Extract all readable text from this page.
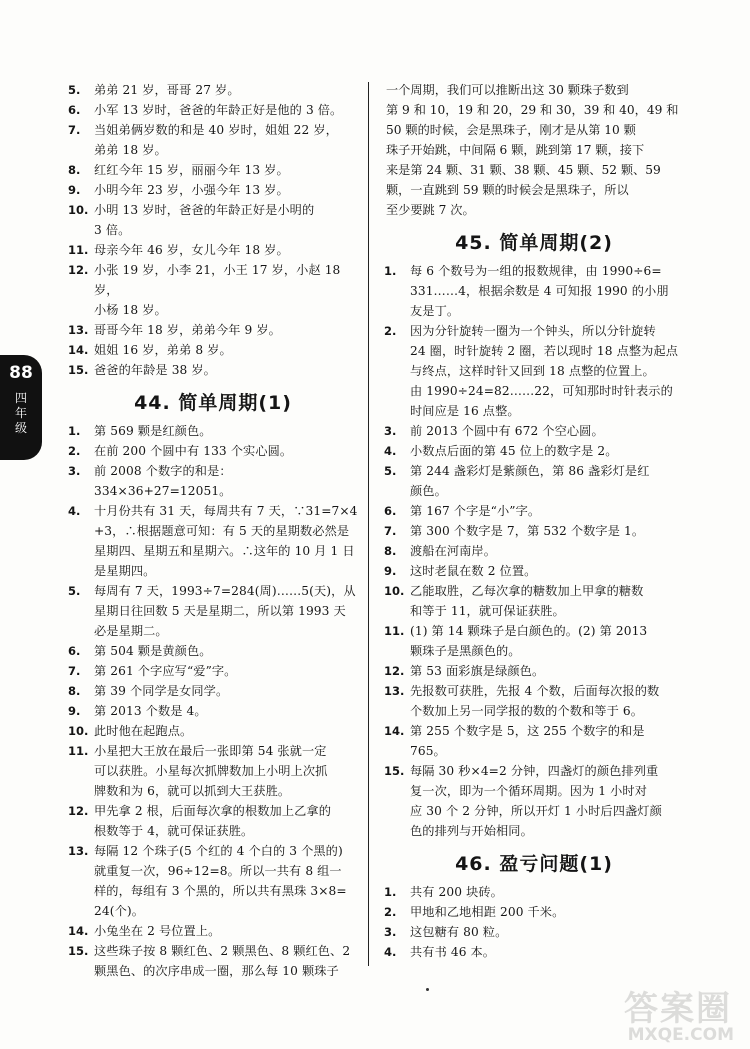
88
四年级
5.	弟弟 21 岁，哥哥 27 岁。
6.	小军 13 岁时，爸爸的年龄正好是他的 3 倍。
7.	当姐弟俩岁数的和是 40 岁时，姐姐 22 岁，
弟弟 18 岁。
8.	红红今年 15 岁，丽丽今年 13 岁。
9.	小明今年 23 岁，小强今年 13 岁。
10. 小明 13 岁时，爸爸的年龄正好是小明的
3 倍。
11. 母亲今年 46 岁，女儿今年 18 岁。
12. 小张 19 岁，小李 21，小王 17 岁，小赵 18 岁，
小杨 18 岁。
13. 哥哥今年 18 岁，弟弟今年 9 岁。
14. 姐姐 16 岁，弟弟 8 岁。
15. 爸爸的年龄是 38 岁。
44. 简单周期(1)
1.	第 569 颗是红颜色。
2.	在前 200 个圆中有 133 个实心圆。
3.	前 2008 个数字的和是：334×36+27=12051。
4.	十月份共有 31 天，每周共有 7 天，∵31=7×4
+3，∴根据题意可知：有 5 天的星期数必然是
星期四、星期五和星期六。∴这年的 10 月 1 日
是星期四。
5.	每周有 7 天，1993÷7=284(周)……5(天)，从
星期日往回数 5 天是星期二，所以第 1993 天
必是星期二。
6.	第 504 颗是黄颜色。
7.	第 261 个字应写“爱”字。
8.	第 39 个同学是女同学。
9.	第 2013 个数是 4。
10. 此时他在起跑点。
11. 小星把大王放在最后一张即第 54 张就一定
可以获胜。小星每次抓牌数加上小明上次抓
牌数和为 6，就可以抓到大王获胜。
12. 甲先拿 2 根，后面每次拿的根数加上乙拿的
根数等于 4，就可保证获胜。
13. 每隔 12 个珠子(5 个红的 4 个白的 3 个黑的)
就重复一次，96÷12=8。所以一共有 8 组一
样的，每组有 3 个黑的，所以共有黑珠 3×8=
24(个)。
14. 小兔坐在 2 号位置上。
15. 这些珠子按 8 颗红色、2 颗黑色、8 颗红色、2
颗黑色、的次序串成一圈，那么每 10 颗珠子
一个周期，我们可以推断出这 30 颗珠子数到
第 9 和 10，19 和 20，29 和 30，39 和 40，49 和
50 颗的时候，会是黑珠子，刚才是从第 10 颗
珠子开始跳，中间隔 6 颗，跳到第 17 颗，接下
来是第 24 颗、31 颗、38 颗、45 颗、52 颗、59
颗，一直跳到 59 颗的时候会是黑珠子，所以
至少要跳 7 次。
45. 简单周期(2)
1.	每 6 个数号为一组的报数规律，由 1990÷6=
331……4，根据余数是 4 可知报 1990 的小朋
友是丁。
2.	因为分针旋转一圈为一个钟头，所以分针旋转
24 圈，时针旋转 2 圈，若以现时 18 点整为起点
与终点，这样时针又回到 18 点整的位置上。
由 1990÷24=82……22，可知那时时针表示的
时间应是 16 点整。
3.	前 2013 个圆中有 672 个空心圆。
4.	小数点后面的第 45 位上的数字是 2。
5.	第 244 盏彩灯是紫颜色，第 86 盏彩灯是红
颜色。
6.	第 167 个字是“小”字。
7.	第 300 个数字是 7，第 532 个数字是 1。
8.	渡船在河南岸。
9.	这时老鼠在数 2 位置。
10. 乙能取胜，乙每次拿的糖数加上甲拿的糖数
和等于 11，就可保证获胜。
11. (1) 第 14 颗珠子是白颜色的。(2) 第 2013
颗珠子是黑颜色的。
12. 第 53 面彩旗是绿颜色。
13. 先报数可获胜，先报 4 个数，后面每次报的数
个数加上另一同学报的数的个数和等于 6。
14. 第 255 个数字是 5，这 255 个数字的和是 765。
15. 每隔 30 秒×4=2 分钟，四盏灯的颜色排列重
复一次，即为一个循环周期。因为 1 小时对
应 30 个 2 分钟，所以开灯 1 小时后四盏灯颜
色的排列与开始相同。
46. 盈亏问题(1)
1.	共有 200 块砖。
2.	甲地和乙地相距 200 千米。
3.	这包糖有 80 粒。
4.	共有书 46 本。
答案圈
MXQE.COM
